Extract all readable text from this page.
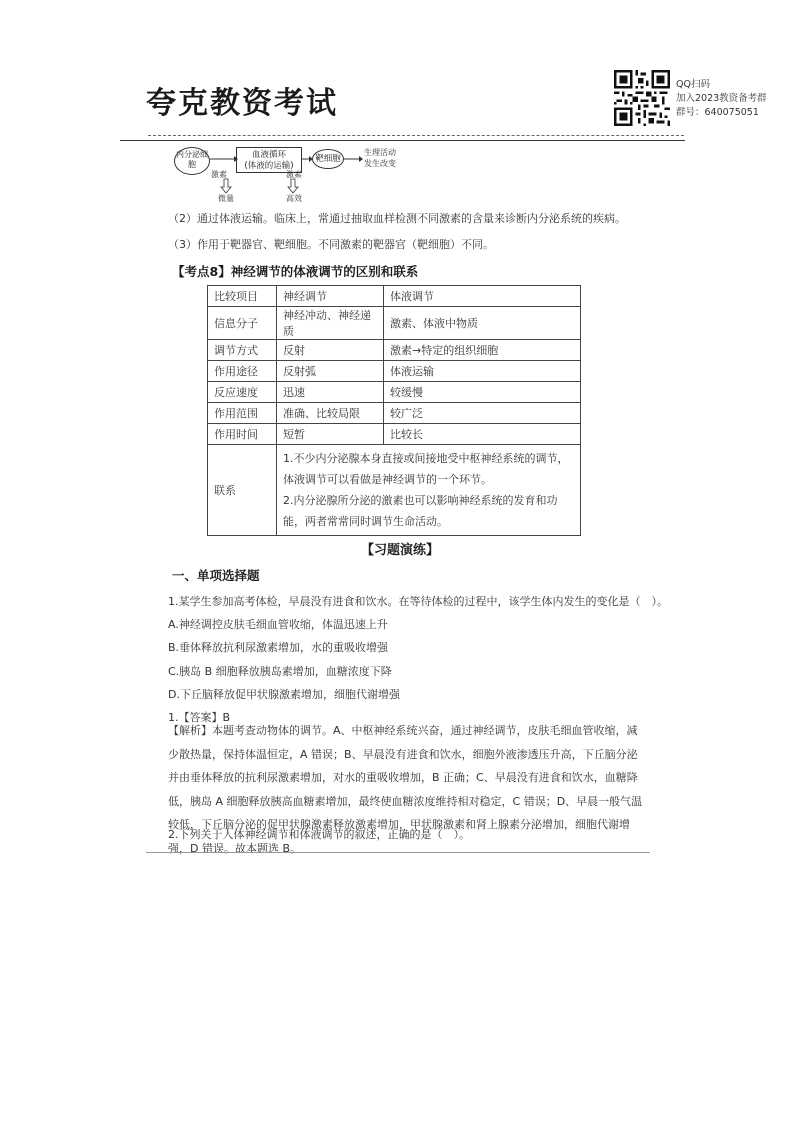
夸克教资考试
QQ扫码
加入2023教资备考群
群号：640075051
内分泌细胞
血液循环
(体液的运输)
靶细胞
生理活动
发生改变
激素	激素
微量	高效
（2）通过体液运输。临床上，常通过抽取血样检测不同激素的含量来诊断内分泌系统的疾病。
（3）作用于靶器官、靶细胞。不同激素的靶器官（靶细胞）不同。
【考点8】神经调节的体液调节的区别和联系
比较项目	神经调节	体液调节
信息分子	神经冲动、神经递质	激素、体液中物质
调节方式	反射	激素→特定的组织细胞
作用途径	反射弧	体液运输
反应速度	迅速	较缓慢
作用范围	准确、比较局限	较广泛
作用时间	短暂	比较长
联系	1.不少内分泌腺本身直接或间接地受中枢神经系统的调节，体液调节可以看做是神经调节的一个环节。
2.内分泌腺所分泌的激素也可以影响神经系统的发育和功能，两者常常同时调节生命活动。	
【习题演练】
一、单项选择题
1.某学生参加高考体检，早晨没有进食和饮水。在等待体检的过程中，该学生体内发生的变化是（　）。
A.神经调控皮肤毛细血管收缩，体温迅速上升
B.垂体释放抗利尿激素增加，水的重吸收增强
C.胰岛 B 细胞释放胰岛素增加，血糖浓度下降
D.下丘脑释放促甲状腺激素增加，细胞代谢增强
1.【答案】B
【解析】本题考查动物体的调节。A、中枢神经系统兴奋，通过神经调节，皮肤毛细血管收缩，减少散热量，保持体温恒定，A 错误；B、早晨没有进食和饮水，细胞外液渗透压升高，下丘脑分泌并由垂体释放的抗利尿激素增加，对水的重吸收增加，B 正确；C、早晨没有进食和饮水，血糖降低，胰岛 A 细胞释放胰高血糖素增加，最终使血糖浓度维持相对稳定，C 错误；D、早晨一般气温较低，下丘脑分泌的促甲状腺激素释放激素增加，甲状腺激素和肾上腺素分泌增加，细胞代谢增强，D 错误。故本题选 B。
2.下列关于人体神经调节和体液调节的叙述，正确的是（　）。
